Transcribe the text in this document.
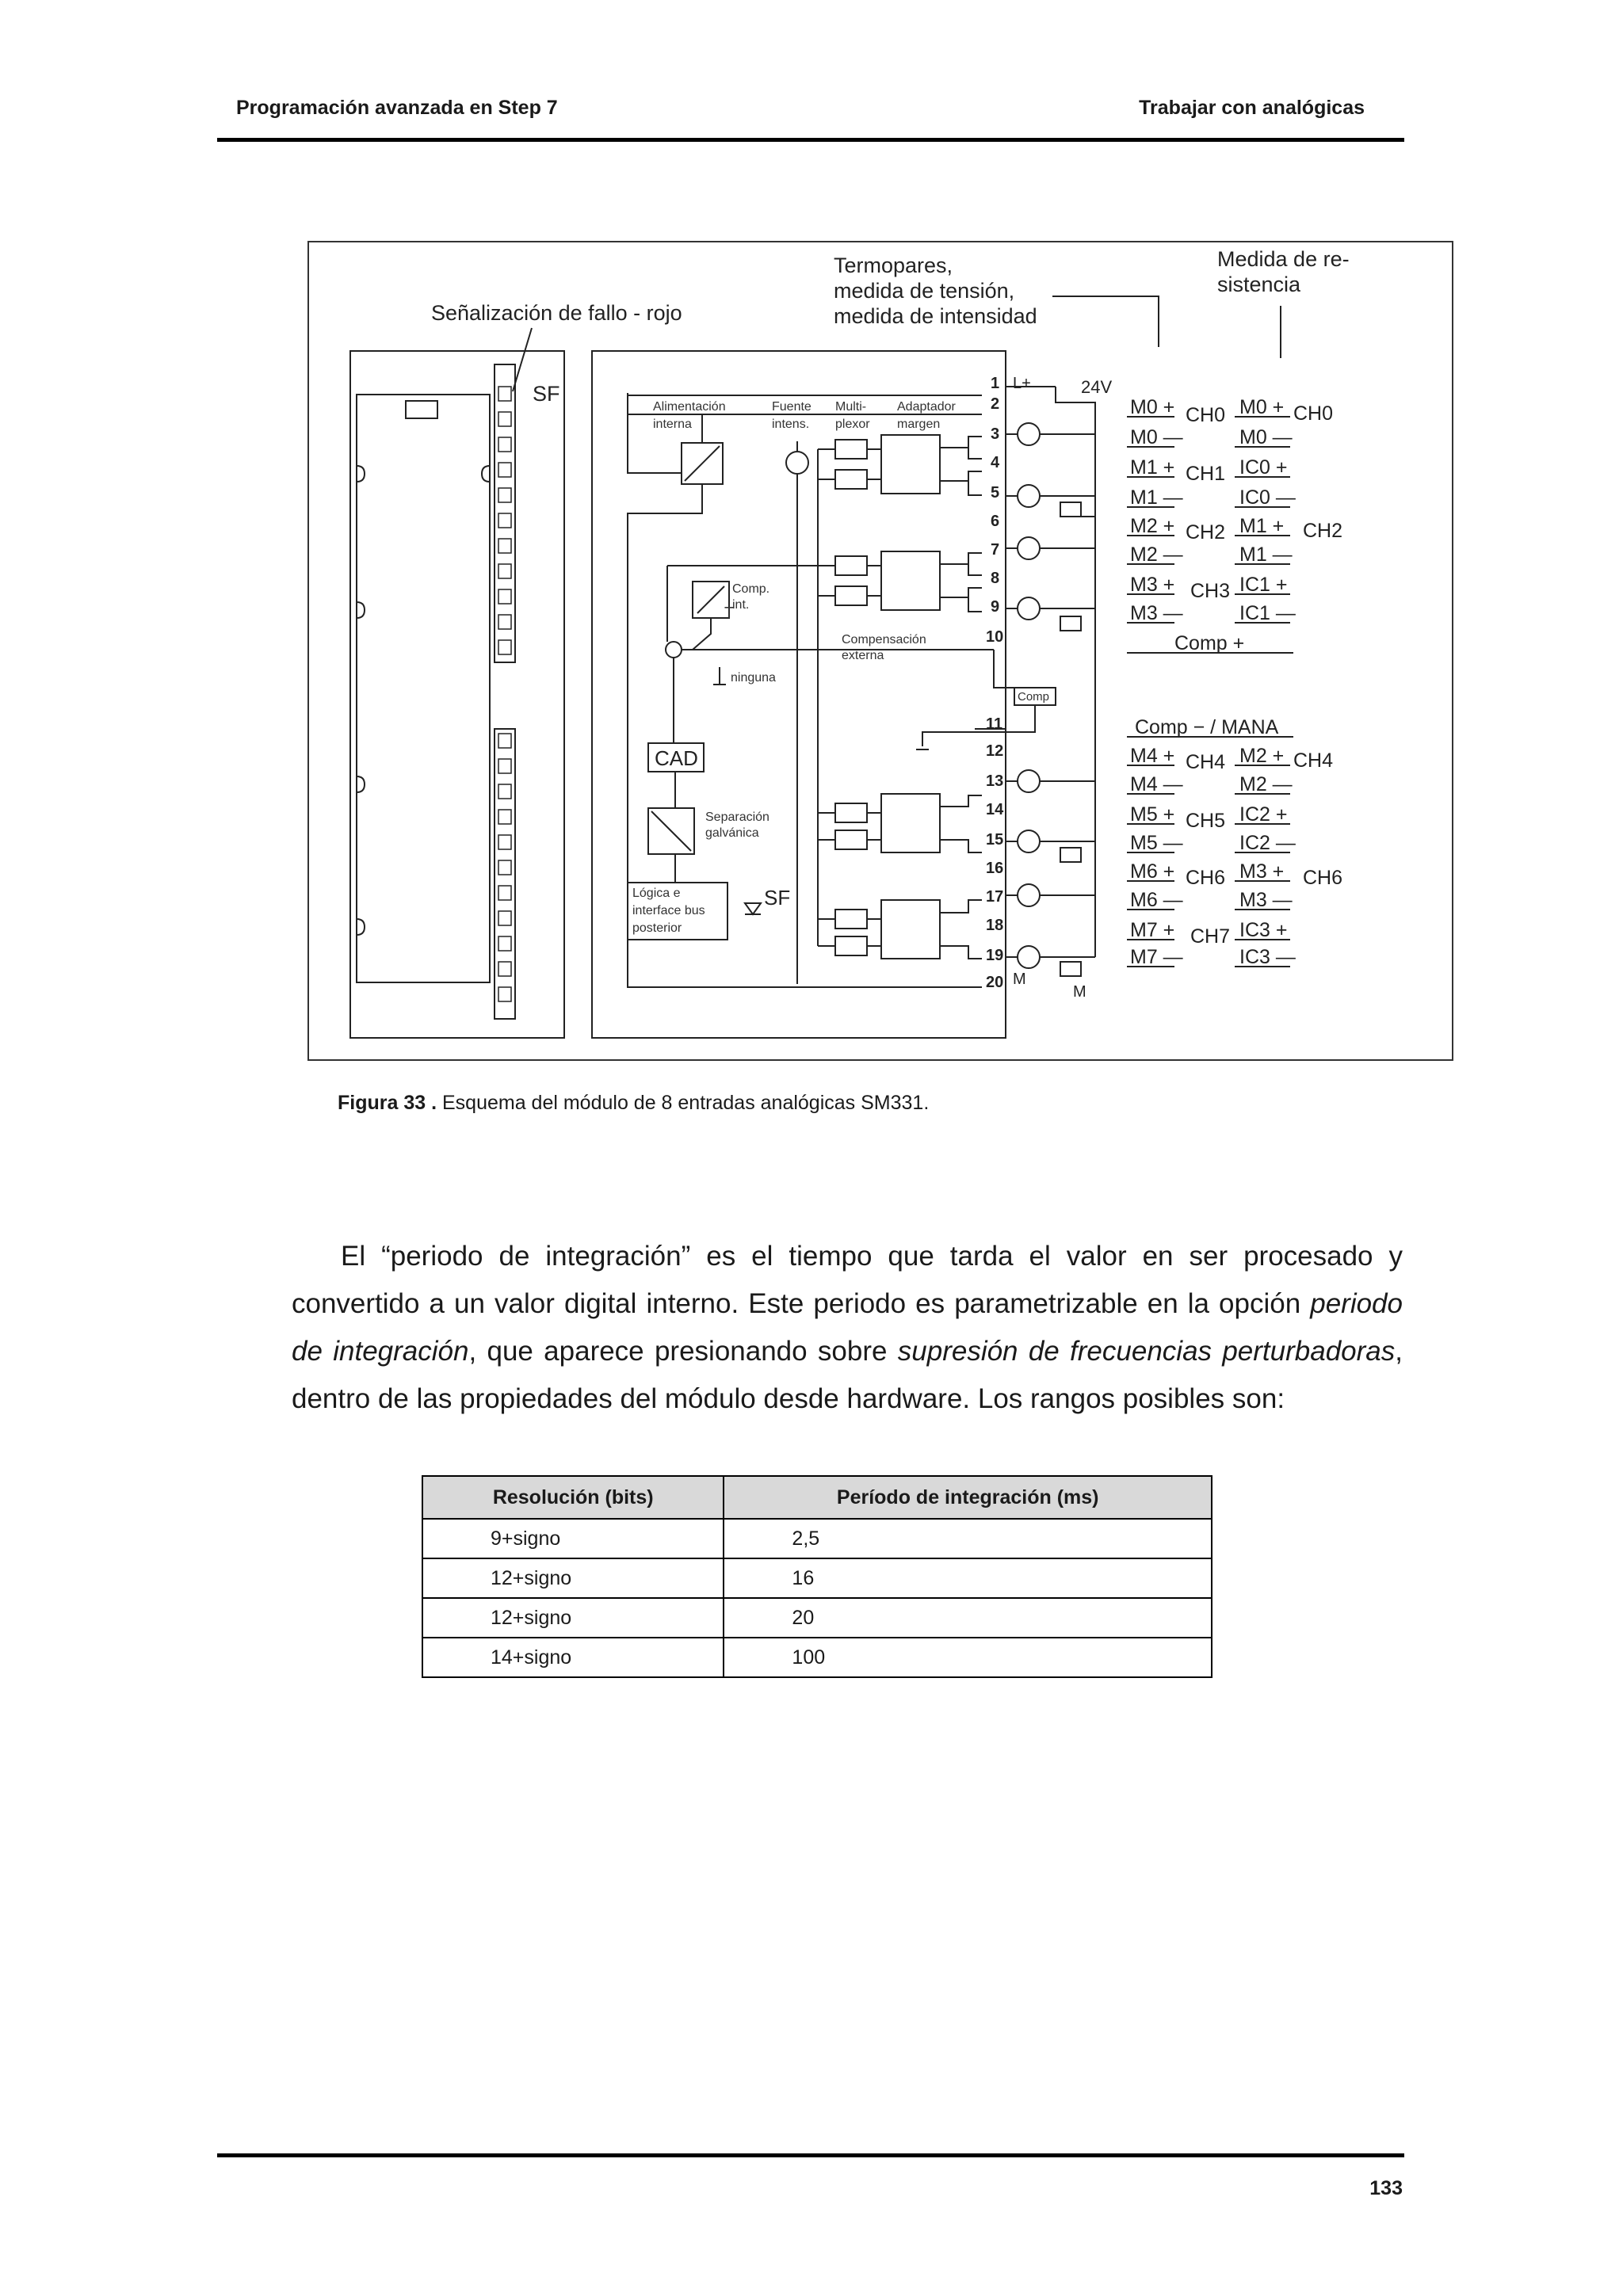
Programación avanzada en Step 7	Trabajar con analógicas
Señalización de fallo - rojo
Termopares,
medida de tensión,
medida de intensidad
Medida de re-
sistencia
SF
Alimentación
interna
Fuente
intens.
Multi-
plexor
Adaptador
margen
Comp.
int.
T
Compensación
externa
ninguna
Comp
CAD
Separación
galvánica
Lógica e
interface bus
posterior
SF
1
2
3
4
5
6
7
8
9
10
11
12
13
14
15
16
17
18
19
20
L+	24V
M
M
M0 +
M0 —
M1 +
M1 —
M2 +
M2 —
M3 +
M3 —
Comp +
Comp − / MANA
M4 +
M4 —
M5 +
M5 —
M6 +
M6 —
M7 +
M7 —
CH0
CH1
CH2
CH3
CH4
CH5
CH6
CH7
M0 +
M0 —
IC0 +
IC0 —
M1 +
M1 —
IC1 +
IC1 —
M2 +
M2 —
IC2 +
IC2 —
M3 +
M3 —
IC3 +
IC3 —
CH0
CH2
CH4
CH6
Figura 33 . Esquema del módulo de 8 entradas analógicas SM331.
El “periodo de integración” es el tiempo que tarda el valor en ser procesado y convertido a un valor digital interno. Este periodo es parametrizable en la opción periodo de integración, que aparece presionando sobre supresión de frecuencias perturbadoras, dentro de las propiedades del módulo desde hardware. Los rangos posibles son:
Resolución (bits)	Período de integración (ms)
9+signo	2,5
12+signo	16
12+signo	20
14+signo	100
133
